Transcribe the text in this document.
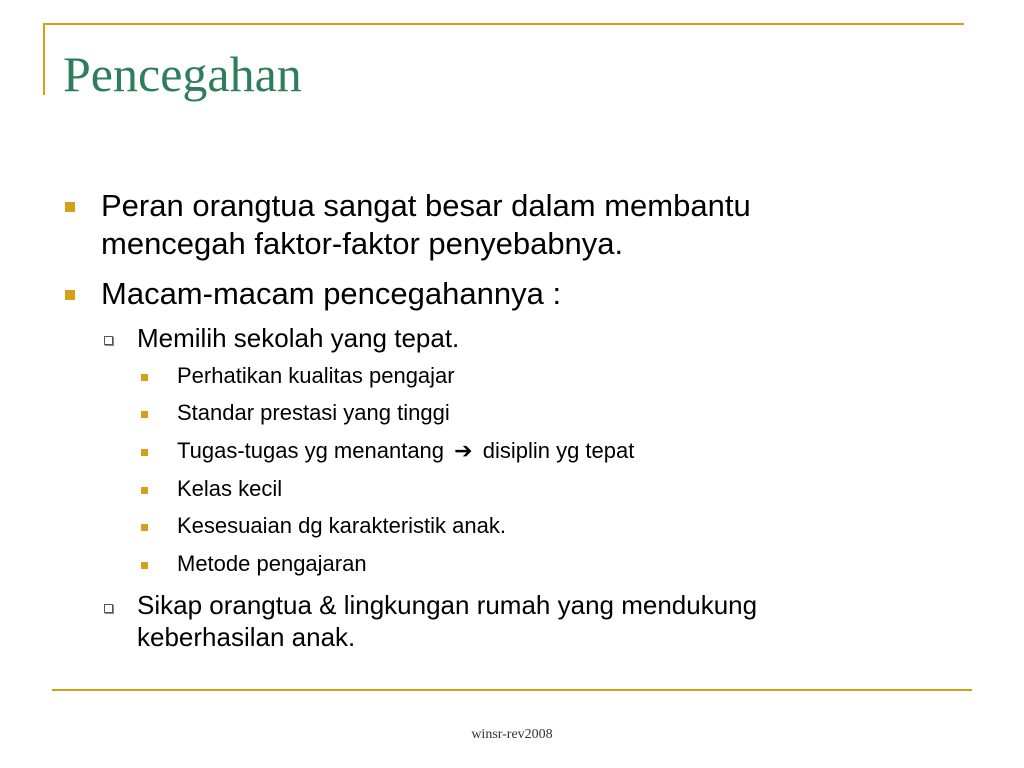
Pencegahan
Peran orangtua sangat besar dalam membantu
mencegah faktor-faktor penyebabnya.
Macam-macam pencegahannya :
Memilih sekolah yang tepat.
Perhatikan kualitas pengajar
Standar prestasi yang tinggi
Tugas-tugas yg menantang ➔ disiplin yg tepat
Kelas kecil
Kesesuaian dg karakteristik anak.
Metode pengajaran
Sikap orangtua & lingkungan rumah yang mendukung
keberhasilan anak.
winsr-rev2008
